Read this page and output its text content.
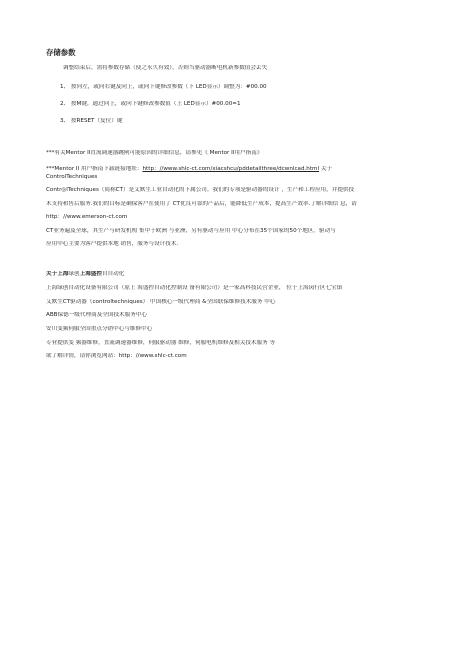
存储参数
调整结束后，需将参数存储（使之永久有效），否则当驱动器断电机新参数值会丢失
1、 按向左，或向右键及向上，或向下键修改参数（下 LED显示）调整为：#00.00
2、 按M键，通过向上，或向下键修改参数值（上 LED显示）#00.00=1
3、 按RESET（复位）键
***有关Mentor II直流调速器跳闸可能原因的详细信息，请参见《 Mentor II用户指南》
***Mentor II 用户指南下载链接地址：http：//www.shlc-ct.com/xiacshcu/pddetailthree/dcwnlcad.html 关于
ControlTechniques
Contr◎lTechniques（简称CT）是艾默生工业自动化的下属公司。我们的专项是驱动器的设计 ，生产和工程应用，并提供技
术支持和售后服务.我们的目标是确保客户在使用了 CT优良可靠的产品后，能降低生产成本，提高生产效率.了解详细信 息，请
http：//www.emerson-ct.com
CT业务遍及全球，其生产与研发机构 集中于欧洲 与亚洲，另有驱动与应用 中心分布在35个国家的50个地区。驱动与
应用中心主要为客户提供本地 销售，服务与设计技术.
关于上海绿创上海盛控自自动化
上海绿创自动化设备有限公司（原上 海盛控自动化控制设 备有限公司）是一家高科技民营企业， 位于上海闵行区七宝镇
艾默生CT驱动器（controltechniques） 中国核心一级代理商 &全国联保维修技术服务 中心
ABB保德一级代理商及全国技术服务中心
安川变频伺服全国重点分销中心与维修中心
专业提供变 频器维修，直流调速器维修，伺服驱动器 维修，伺服电机维修及相关技术服务 等
欲了解详情，请你浏览网站：http：//www.shlc-ct.com
